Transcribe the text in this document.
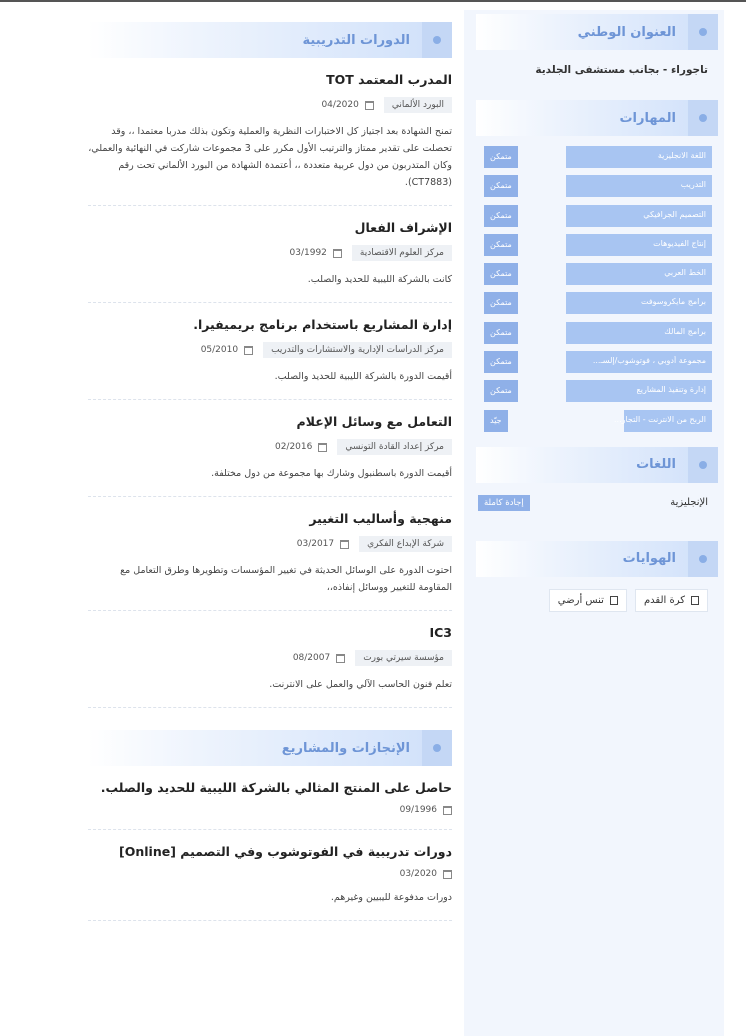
العنوان الوطني
تاجوراء - بجانب مستشفى الجلدية
المهارات
اللغة الانجليزية
متمكن
التدريب
متمكن
التصميم الجرافيكي
متمكن
إنتاج الفيديوهات
متمكن
الخط العربي
متمكن
برامج مايكروسوفت
متمكن
برامج المالك
متمكن
مجموعة أدوبي ، فوتوشوب/إلسـ...
متمكن
إدارة وتنفيذ المشاريع
متمكن
الربح من الانترنت - التجار...
جيّد
اللغات
الإنجليزية
إجادة كاملة
الهوايات
كرة القدم
تنس أرضي
الدورات التدريبية
المدرب المعتمد TOT
البورد الألماني
04/2020
تمنح الشهادة بعد اجتياز كل الاختبارات النظرية والعملية وتكون بذلك مدربا معتمدا ،، وقد تحصلت على تقدير ممتاز والترتيب الأول مكرر على 3 مجموعات شاركت في النهائية والعملي، وكان المتدربون من دول عربية متعددة ،، أعتمدة الشهادة من البورد الألماني تحت رقم (CT7883).
الإشراف الفعال
مركز العلوم الاقتصادية
03/1992
كانت بالشركة الليبية للحديد والصلب.
إدارة المشاريع باستخدام برنامج بريميفيرا.
مركز الدراسات الإدارية والاستشارات والتدريب
05/2010
أقيمت الدورة بالشركة الليبية للحديد والصلب.
التعامل مع وسائل الإعلام
مركز إعداد القادة التونسي
02/2016
أقيمت الدورة باسطنبول وشارك بها مجموعة من دول مختلفة.
منهجية وأساليب التغيير
شركة الإبداع الفكري
03/2017
احتوت الدورة على الوسائل الحديثة في تغيير المؤسسات وتطويرها وطرق التعامل مع المقاومة للتغيير ووسائل إنفاذه،،
IC3
مؤسسة سيرتي بورت
08/2007
تعلم فنون الحاسب الآلي والعمل على الانترنت.
الإنجازات والمشاريع
حاصل على المنتج المثالي بالشركة الليبية للحديد والصلب.
09/1996
دورات تدريبية في الفوتوشوب وفي التصميم [Online]
03/2020
دورات مدفوعة لليبيين وغيرهم.
